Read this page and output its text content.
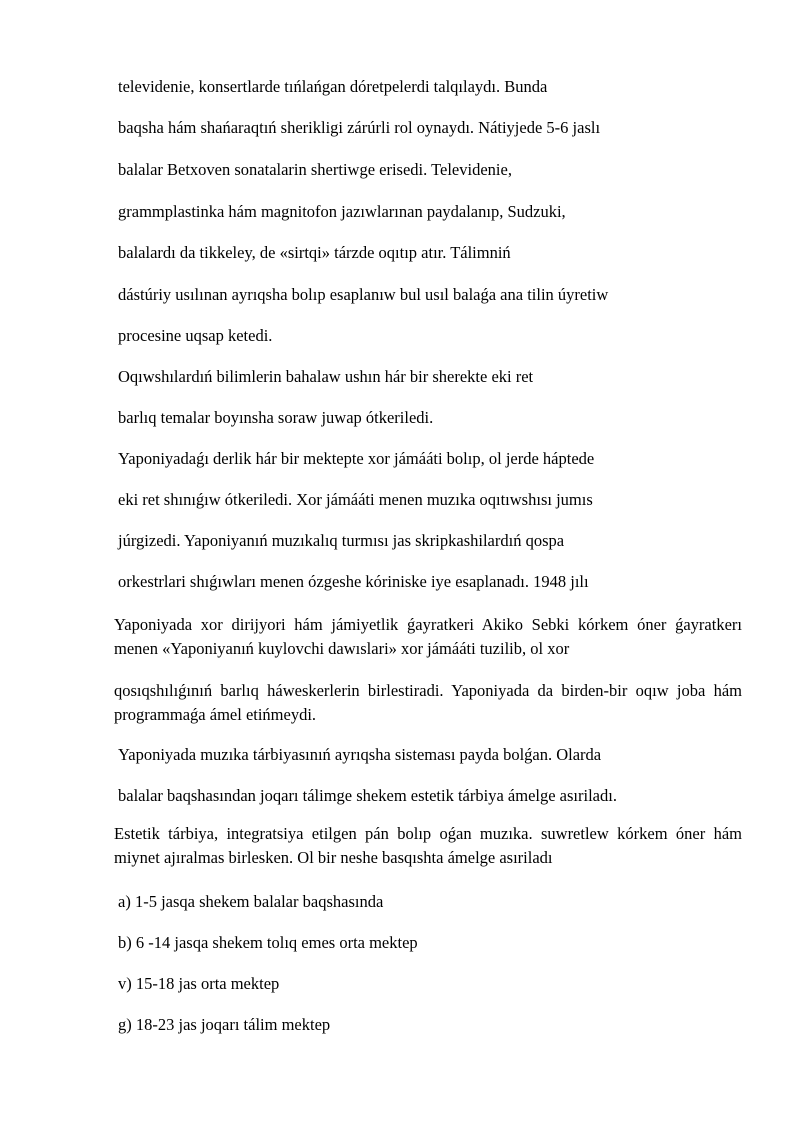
televidenie, konsertlarde tıńlańgan dóretpelerdi talqılaydı. Bunda
baqsha hám shańaraqtıń sherikligi zárúrli rol oynaydı. Nátiyjede 5-6 jaslı
balalar Betxoven sonatalarin shertiwge erisedi. Televidenie,
grammplastinka hám magnitofon jazıwlarınan paydalanıp, Sudzuki,
balalardı da tikkeley, de «sirtqi» tárzde oqıtıp atır. Tálimniń
dástúriy usılınan ayrıqsha bolıp esaplanıw bul usıl balaǵa ana tilin úyretiw
procesine uqsap ketedi.
Oqıwshılardıń bilimlerin bahalaw ushın hár bir sherekte eki ret
barlıq temalar boyınsha soraw juwap ótkeriledi.
Yaponiyadaǵı derlik hár bir mektepte xor jámááti bolıp, ol jerde háptede
eki ret shınıǵıw ótkeriledi. Xor jámááti menen muzıka oqıtıwshısı jumıs
júrgizedi. Yaponiyanıń muzıkalıq turmısı jas skripkashilardıń qospa
orkestrlari shıǵıwları menen ózgeshe kóriniske iye esaplanadı. 1948 jılı
Yaponiyada xor dirijyori hám jámiyetlik ǵayratkeri Akiko Sebki kórkem óner ǵayratkerı menen «Yaponiyanıń kuylovchi dawıslari» xor jámááti tuzilib, ol xor
qosıqshılıǵınıń barlıq háweskerlerin birlestiradi. Yaponiyada da birden-bir oqıw joba hám programmaǵa ámel etińmeydi.
Yaponiyada muzıka tárbiyasınıń ayrıqsha sisteması payda bolǵan. Olarda
balalar baqshasından joqarı tálimge shekem estetik tárbiya ámelge asıriladı.
Estetik tárbiya, integratsiya etilgen pán bolıp oǵan muzıka. suwretlew kórkem óner hám miynet ajıralmas birlesken. Ol bir neshe basqıshta ámelge asıriladı
a) 1-5 jasqa shekem balalar baqshasında
b) 6 -14 jasqa shekem tolıq emes orta mektep
v) 15-18 jas orta mektep
g) 18-23 jas joqarı tálim mektep
